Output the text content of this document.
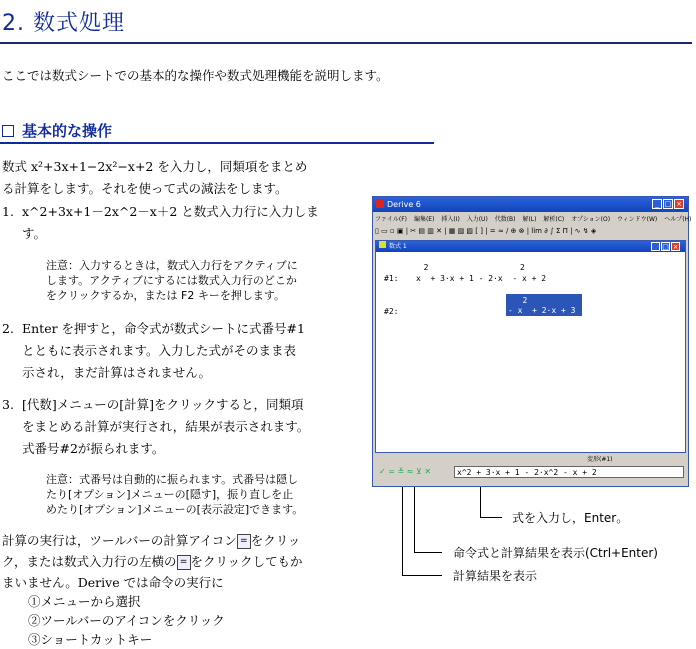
2. 数式処理
ここでは数式シートでの基本的な操作や数式処理機能を説明します。
基本的な操作
数式 x²+3x+1−2x²−x+2 を入力し，同類項をまとめ
る計算をします。それを使って式の減法をします。
1. x^2+3x+1－2x^2－x＋2 と数式入力行に入力しま
す。
注意：入力するときは，数式入力行をアクティブに
します。アクティブにするには数式入力行のどこか
をクリックするか，または F2 キーを押します。
2. Enter を押すと，命令式が数式シートに式番号#1
とともに表示されます。入力した式がそのまま表
示され，まだ計算はされません。
3. [代数]メニューの[計算]をクリックすると，同類項
をまとめる計算が実行され，結果が表示されます。
式番号#2が振られます。
注意：式番号は自動的に振られます。式番号は隠し
たり[オプション]メニューの[隠す]，振り直しを止
めたり[オプション]メニューの[表示設定]できます。
計算の実行は，ツールバーの計算アイコン = をクリッ
ク，または数式入力行の左横の = をクリックしてもか
まいません。Derive では命令の実行に
①メニューから選択
②ツールバーのアイコンをクリック
③ショートカットキー
Derive 6	_ □ ×
ファイル(F) 編集(E) 挿入(I) 入力(U) 代数(B) 解(L) 解析(C) オプション(O) ウィンドウ(W) ヘルプ(H)
▯ ▭ ▫ ▣ | ✂ ▤ ▥ ✕ | ▦ ▧ ▨ [ ] | = ≈ ∕ ⊕ ⊗ | lim ∂ ∫ Σ Π | ∿ ↯ ◈
数式 1	_ □ ×
#1:
2                   2
x  + 3·x + 1 - 2·x  - x + 2
#2:
2
- x  + 2·x + 3
変形(#1)
✓ = ≚ ≈ ⊻ ✕	x^2 + 3·x + 1 - 2·x^2 - x + 2
式を入力し，Enter。
命令式と計算結果を表示(Ctrl+Enter)
計算結果を表示
